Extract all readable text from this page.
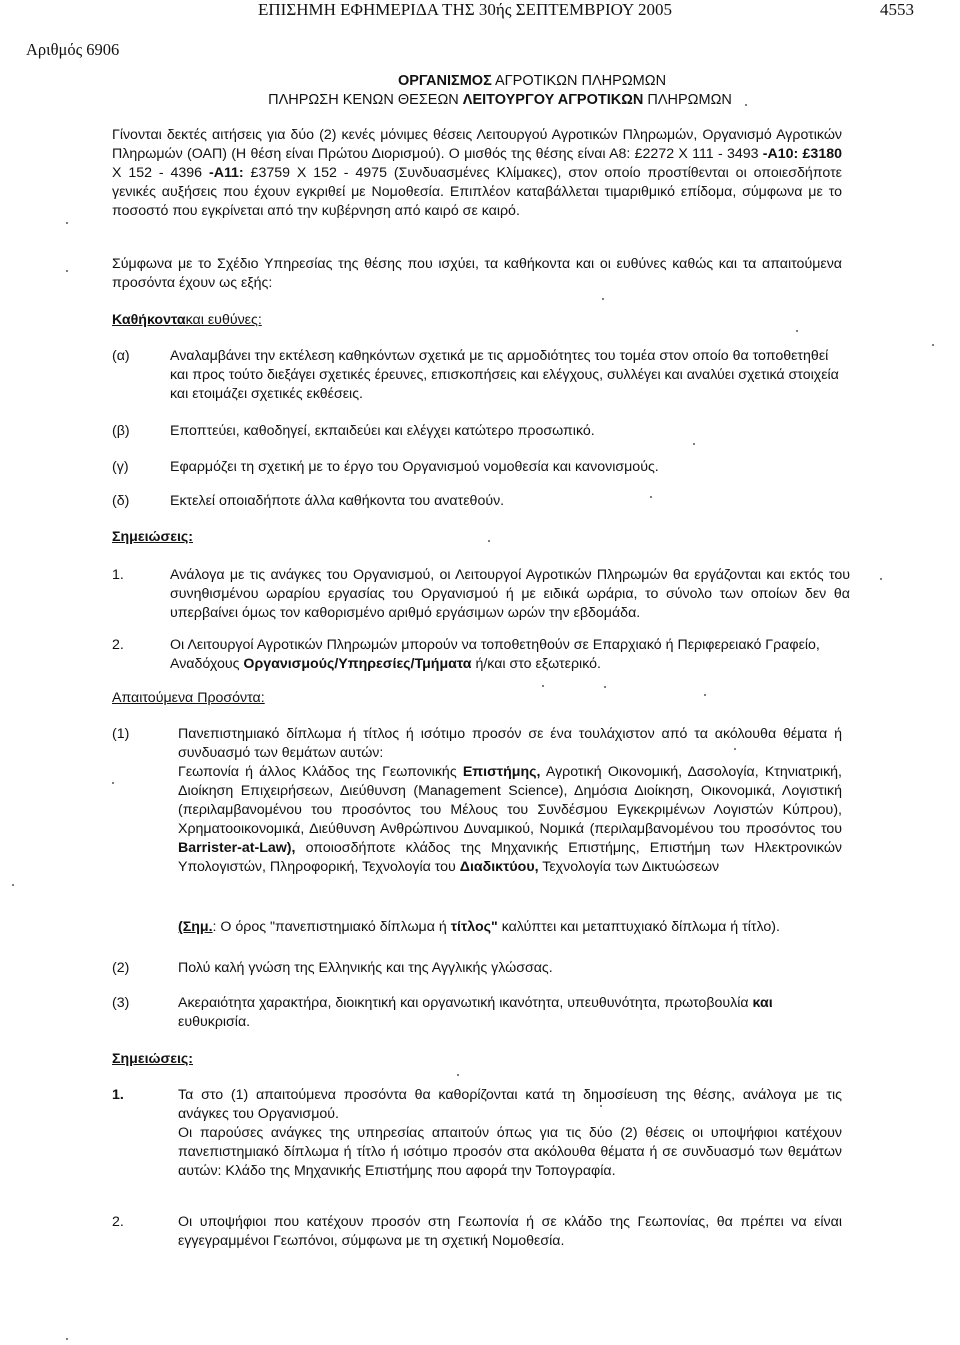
ΕΠΙΣΗΜΗ ΕΦΗΜΕΡΙΔΑ ΤΗΣ 30ής ΣΕΠΤΕΜΒΡΙΟΥ 2005	4553
Αριθμός 6906
ΟΡΓΑΝΙΣΜΟΣ ΑΓΡΟΤΙΚΩΝ ΠΛΗΡΩΜΩΝ
ΠΛΗΡΩΣΗ ΚΕΝΩΝ ΘΕΣΕΩΝ ΛΕΙΤΟΥΡΓΟΥ ΑΓΡΟΤΙΚΩΝ ΠΛΗΡΩΜΩΝ

Γίνονται δεκτές αιτήσεις για δύο (2) κενές μόνιμες θέσεις Λειτουργού Αγροτικών Πληρωμών, Οργανισμό Αγροτικών Πληρωμών (ΟΑΠ) (Η θέση είναι Πρώτου Διορισμού). Ο μισθός της θέσης είναι Α8: £2272 Χ 111 - 3493 -Α10: £3180 Χ 152 - 4396 -Α11: £3759 Χ 152 - 4975 (Συνδυασμένες Κλίμακες), στον οποίο προστίθενται οι οποιεσδήποτε γενικές αυξήσεις που έχουν εγκριθεί με Νομοθεσία. Επιπλέον καταβάλλεται τιμαριθμικό επίδομα, σύμφωνα με το ποσοστό που εγκρίνεται από την κυβέρνηση από καιρό σε καιρό.

Σύμφωνα με το Σχέδιο Υπηρεσίας της θέσης που ισχύει, τα καθήκοντα και οι ευθύνες καθώς και τα απαιτούμενα προσόντα έχουν ως εξής:

Καθήκοντακαι ευθύνες:
(α)	Αναλαμβάνει την εκτέλεση καθηκόντων σχετικά με τις αρμοδιότητες του τομέα στον οποίο θα τοποθετηθεί και προς τούτο διεξάγει σχετικές έρευνες, επισκοπήσεις και ελέγχους, συλλέγει και αναλύει σχετικά στοιχεία και ετοιμάζει σχετικές εκθέσεις.

(β)	Εποπτεύει, καθοδηγεί, εκπαιδεύει και ελέγχει κατώτερο προσωπικό.

(γ)	Εφαρμόζει τη σχετική με το έργο του Οργανισμού νομοθεσία και κανονισμούς.

(δ)	Εκτελεί οποιαδήποτε άλλα καθήκοντα του ανατεθούν.

Σημειώσεις:
1.	Ανάλογα με τις ανάγκες του Οργανισμού, οι Λειτουργοί Αγροτικών Πληρωμών θα εργάζονται και εκτός του συνηθισμένου ωραρίου εργασίας του Οργανισμού ή με ειδικά ωράρια, το σύνολο των οποίων δεν θα υπερβαίνει όμως τον καθορισμένο αριθμό εργάσιμων ωρών την εβδομάδα.

2.	Οι Λειτουργοί Αγροτικών Πληρωμών μπορούν να τοποθετηθούν σε Επαρχιακό ή Περιφερειακό Γραφείο, Αναδόχους Οργανισμούς/Υπηρεσίες/Τμήματα ή/και στο εξωτερικό.

Απαιτούμενα Προσόντα:
(1)	Πανεπιστημιακό δίπλωμα ή τίτλος ή ισότιμο προσόν σε ένα τουλάχιστον από τα ακόλουθα θέματα ή συνδυασμό των θεμάτων αυτών:

Γεωπονία ή άλλος Κλάδος της Γεωπονικής Επιστήμης, Αγροτική Οικονομική, Δασολογία, Κτηνιατρική, Διοίκηση Επιχειρήσεων, Διεύθυνση (Management Science), Δημόσια Διοίκηση, Οικονομικά, Λογιστική (περιλαμβανομένου του προσόντος του Μέλους του Συνδέσμου Εγκεκριμένων Λογιστών Κύπρου), Χρηματοοικονομικά, Διεύθυνση Ανθρώπινου Δυναμικού, Νομικά (περιλαμβανομένου του προσόντος του Barrister-at-Law), οποιοσδήποτε κλάδος της Μηχανικής Επιστήμης, Επιστήμη των Ηλεκτρονικών Υπολογιστών, Πληροφορική, Τεχνολογία του Διαδικτύου, Τεχνολογία των Δικτυώσεων

(Σημ.: Ο όρος "πανεπιστημιακό δίπλωμα ή τίτλος" καλύπτει και μεταπτυχιακό δίπλωμα ή τίτλο).

(2)	Πολύ καλή γνώση της Ελληνικής και της Αγγλικής γλώσσας.

(3)	Ακεραιότητα χαρακτήρα, διοικητική και οργανωτική ικανότητα, υπευθυνότητα, πρωτοβουλία και ευθυκρισία.

Σημειώσεις:
1.	Τα στο (1) απαιτούμενα προσόντα θα καθορίζονται κατά τη δημοσίευση της θέσης, ανάλογα με τις ανάγκες του Οργανισμού.

Οι παρούσες ανάγκες της υπηρεσίας απαιτούν όπως για τις δύο (2) θέσεις οι υποψήφιοι κατέχουν πανεπιστημιακό δίπλωμα ή τίτλο ή ισότιμο προσόν στα ακόλουθα θέματα ή σε συνδυασμό των θεμάτων αυτών: Κλάδο της Μηχανικής Επιστήμης που αφορά την Τοπογραφία.

2.	Οι υποψήφιοι που κατέχουν προσόν στη Γεωπονία ή σε κλάδο της Γεωπονίας, θα πρέπει να είναι εγγεγραμμένοι Γεωπόνοι, σύμφωνα με τη σχετική Νομοθεσία.
